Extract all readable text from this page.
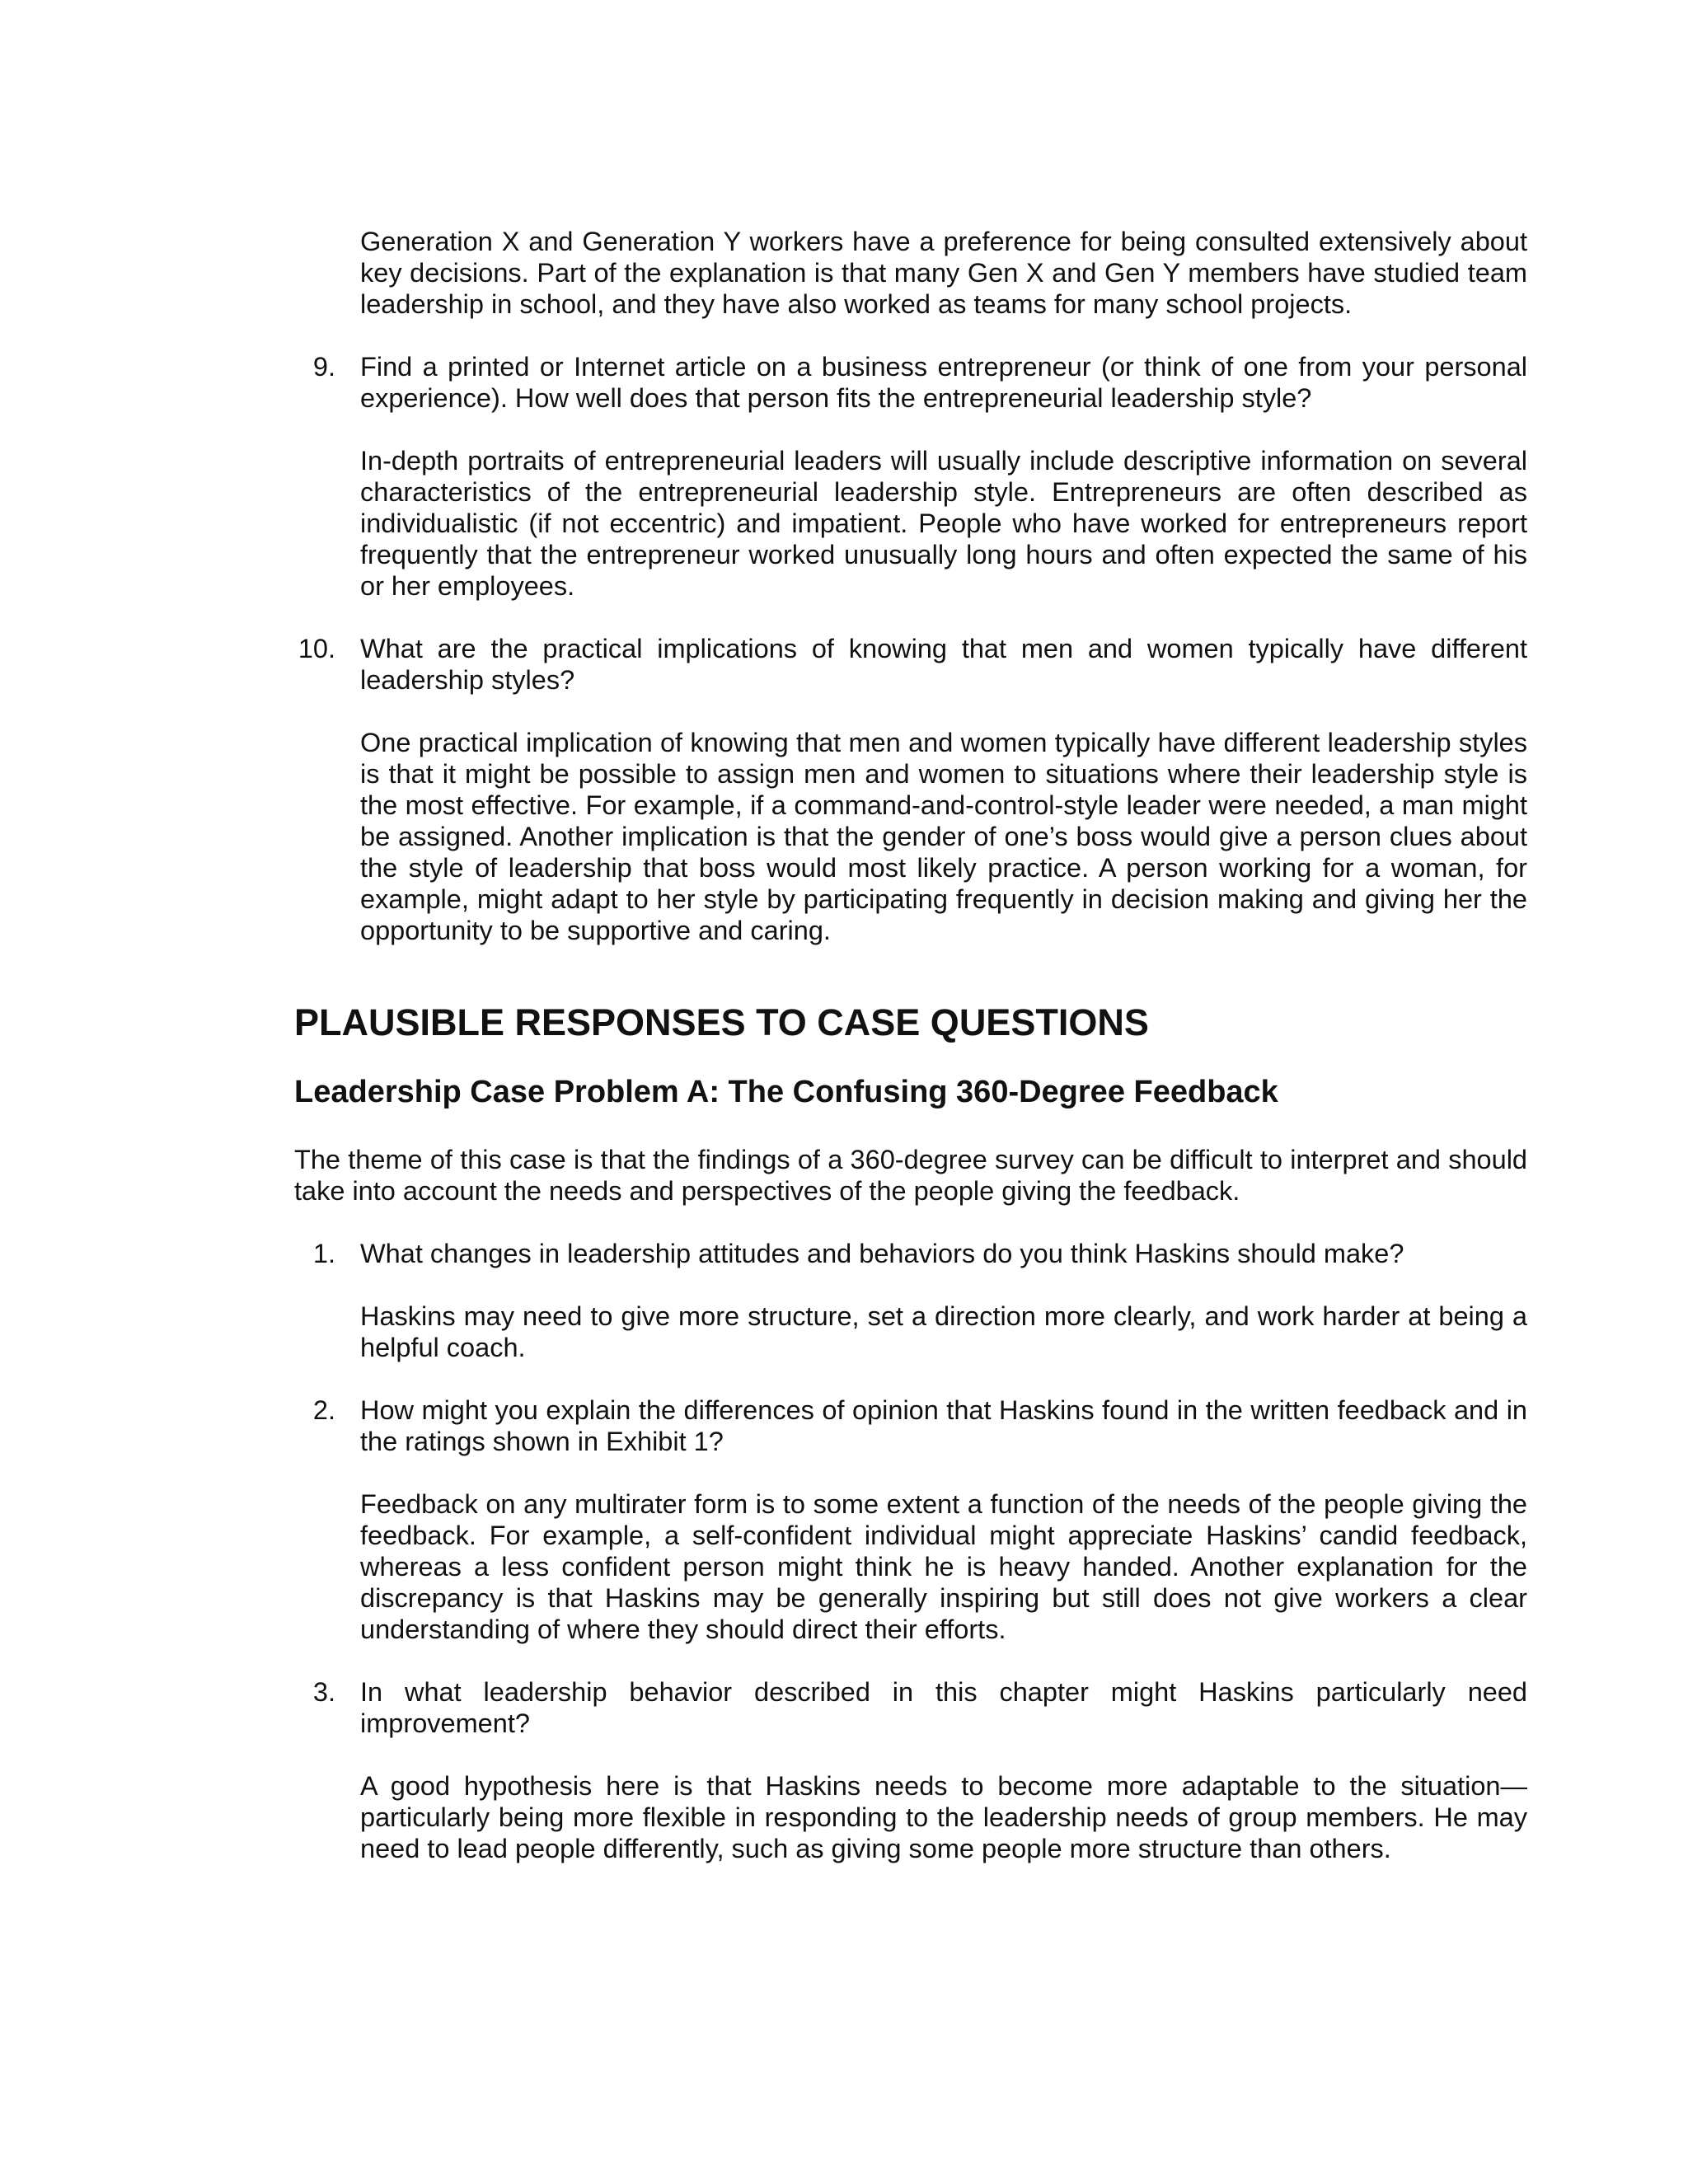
Generation X and Generation Y workers have a preference for being consulted extensively about key decisions. Part of the explanation is that many Gen X and Gen Y members have studied team leadership in school, and they have also worked as teams for many school projects.

9. Find a printed or Internet article on a business entrepreneur (or think of one from your personal experience). How well does that person fits the entrepreneurial leadership style?

In-depth portraits of entrepreneurial leaders will usually include descriptive information on several characteristics of the entrepreneurial leadership style. Entrepreneurs are often described as individualistic (if not eccentric) and impatient. People who have worked for entrepreneurs report frequently that the entrepreneur worked unusually long hours and often expected the same of his or her employees.

10. What are the practical implications of knowing that men and women typically have different leadership styles?

One practical implication of knowing that men and women typically have different leadership styles is that it might be possible to assign men and women to situations where their leadership style is the most effective. For example, if a command-and-control-style leader were needed, a man might be assigned. Another implication is that the gender of one’s boss would give a person clues about the style of leadership that boss would most likely practice. A person working for a woman, for example, might adapt to her style by participating frequently in decision making and giving her the opportunity to be supportive and caring.

PLAUSIBLE RESPONSES TO CASE QUESTIONS
Leadership Case Problem A: The Confusing 360-Degree Feedback

The theme of this case is that the findings of a 360-degree survey can be difficult to interpret and should take into account the needs and perspectives of the people giving the feedback.

1. What changes in leadership attitudes and behaviors do you think Haskins should make?

Haskins may need to give more structure, set a direction more clearly, and work harder at being a helpful coach.

2. How might you explain the differences of opinion that Haskins found in the written feedback and in the ratings shown in Exhibit 1?

Feedback on any multirater form is to some extent a function of the needs of the people giving the feedback. For example, a self-confident individual might appreciate Haskins’ candid feedback, whereas a less confident person might think he is heavy handed. Another explanation for the discrepancy is that Haskins may be generally inspiring but still does not give workers a clear understanding of where they should direct their efforts.

3. In what leadership behavior described in this chapter might Haskins particularly need improvement?

A good hypothesis here is that Haskins needs to become more adaptable to the situation—particularly being more flexible in responding to the leadership needs of group members. He may need to lead people differently, such as giving some people more structure than others.
